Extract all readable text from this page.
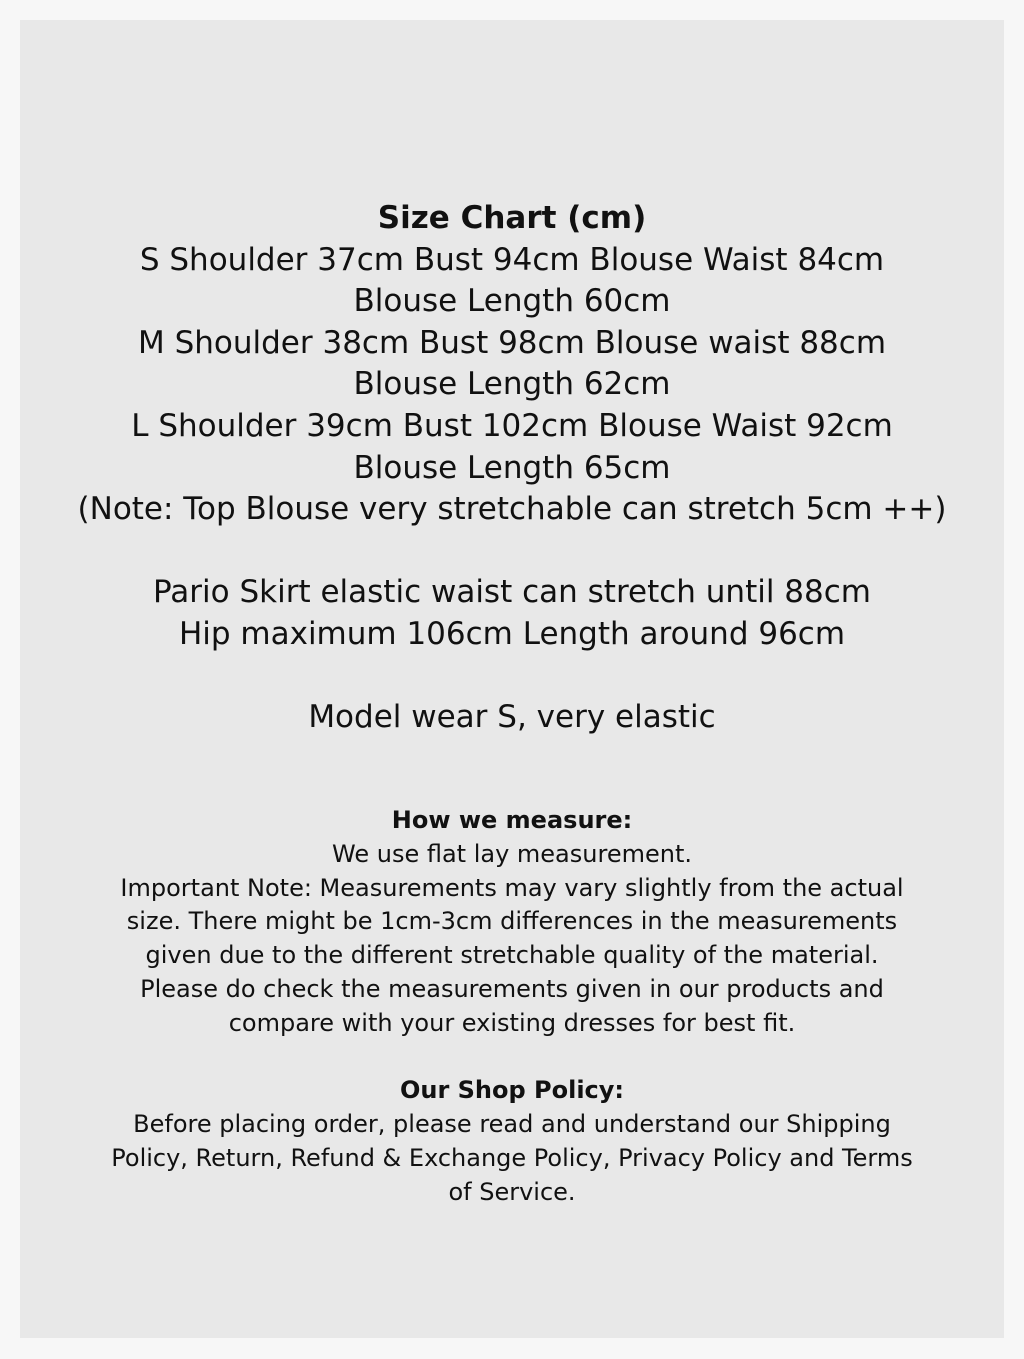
Size Chart (cm)
S Shoulder 37cm Bust 94cm Blouse Waist 84cm
Blouse Length 60cm
M Shoulder 38cm Bust 98cm Blouse waist 88cm
Blouse Length 62cm
L Shoulder 39cm Bust 102cm Blouse Waist 92cm
Blouse Length 65cm
(Note: Top Blouse very stretchable can stretch 5cm ++)
Pario Skirt elastic waist can stretch until 88cm
Hip maximum 106cm Length around 96cm
Model wear S, very elastic
How we measure:
We use flat lay measurement.
Important Note: Measurements may vary slightly from the actual
size. There might be 1cm-3cm differences in the measurements
given due to the different stretchable quality of the material.
Please do check the measurements given in our products and
compare with your existing dresses for best fit.
Our Shop Policy:
Before placing order, please read and understand our Shipping
Policy, Return, Refund & Exchange Policy, Privacy Policy and Terms
of Service.
